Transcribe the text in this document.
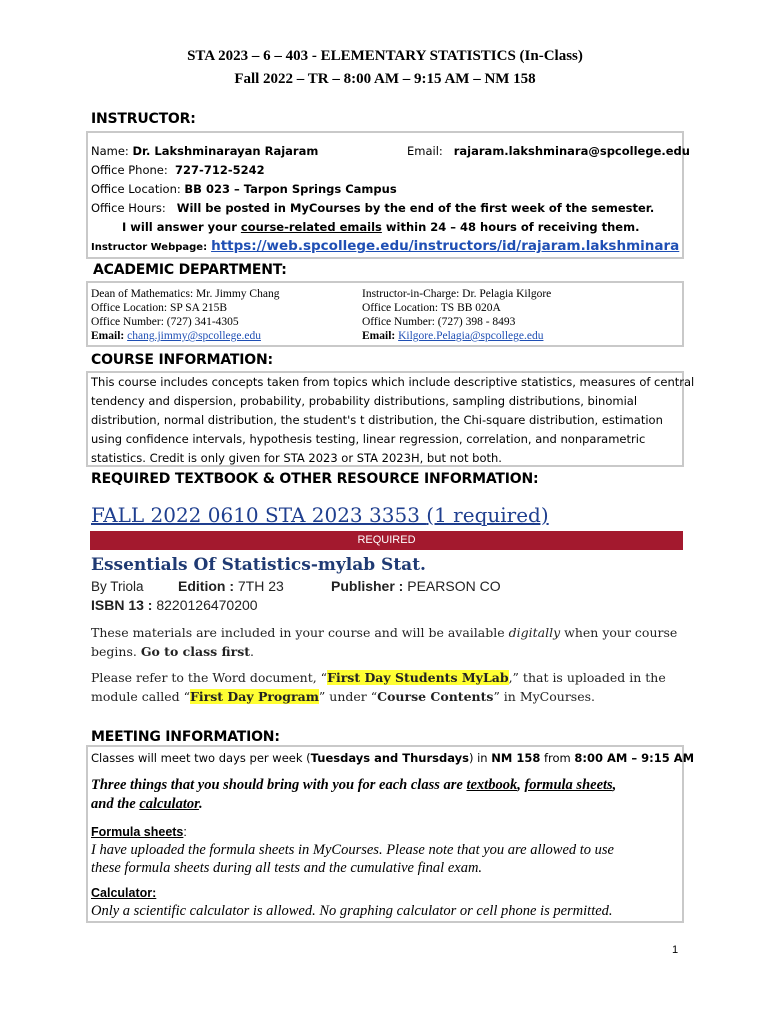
STA 2023 – 6 – 403 - ELEMENTARY STATISTICS (In-Class)
Fall 2022 – TR – 8:00 AM – 9:15 AM – NM 158
INSTRUCTOR:
Name: Dr. Lakshminarayan Rajaram	Email: rajaram.lakshminara@spcollege.edu
Office Phone: 727-712-5242
Office Location: BB 023 – Tarpon Springs Campus
Office Hours: Will be posted in MyCourses by the end of the first week of the semester.
I will answer your course-related emails within 24 – 48 hours of receiving them.
Instructor Webpage: https://web.spcollege.edu/instructors/id/rajaram.lakshminara
ACADEMIC DEPARTMENT:
Dean of Mathematics: Mr. Jimmy Chang
Office Location: SP SA 215B
Office Number: (727) 341-4305
Email: chang.jimmy@spcollege.edu
Instructor-in-Charge: Dr. Pelagia Kilgore
Office Location: TS BB 020A
Office Number: (727) 398 - 8493
Email: Kilgore.Pelagia@spcollege.edu
COURSE INFORMATION:
This course includes concepts taken from topics which include descriptive statistics, measures of central
tendency and dispersion, probability, probability distributions, sampling distributions, binomial
distribution, normal distribution, the student's t distribution, the Chi-square distribution, estimation
using confidence intervals, hypothesis testing, linear regression, correlation, and nonparametric
statistics. Credit is only given for STA 2023 or STA 2023H, but not both.
REQUIRED TEXTBOOK & OTHER RESOURCE INFORMATION:
FALL 2022 0610 STA 2023 3353 (1 required)
REQUIRED
Essentials Of Statistics-mylab Stat.
By Triola Edition : 7TH 23	Publisher : PEARSON CO
ISBN 13 : 8220126470200
These materials are included in your course and will be available digitally when your course
begins. Go to class first.
Please refer to the Word document, “First Day Students MyLab,” that is uploaded in the
module called “First Day Program” under “Course Contents” in MyCourses.
MEETING INFORMATION:
Classes will meet two days per week (Tuesdays and Thursdays) in NM 158 from 8:00 AM – 9:15 AM
Three things that you should bring with you for each class are textbook, formula sheets,
and the calculator.
Formula sheets:
I have uploaded the formula sheets in MyCourses. Please note that you are allowed to use
these formula sheets during all tests and the cumulative final exam.
Calculator:
Only a scientific calculator is allowed. No graphing calculator or cell phone is permitted.
1
